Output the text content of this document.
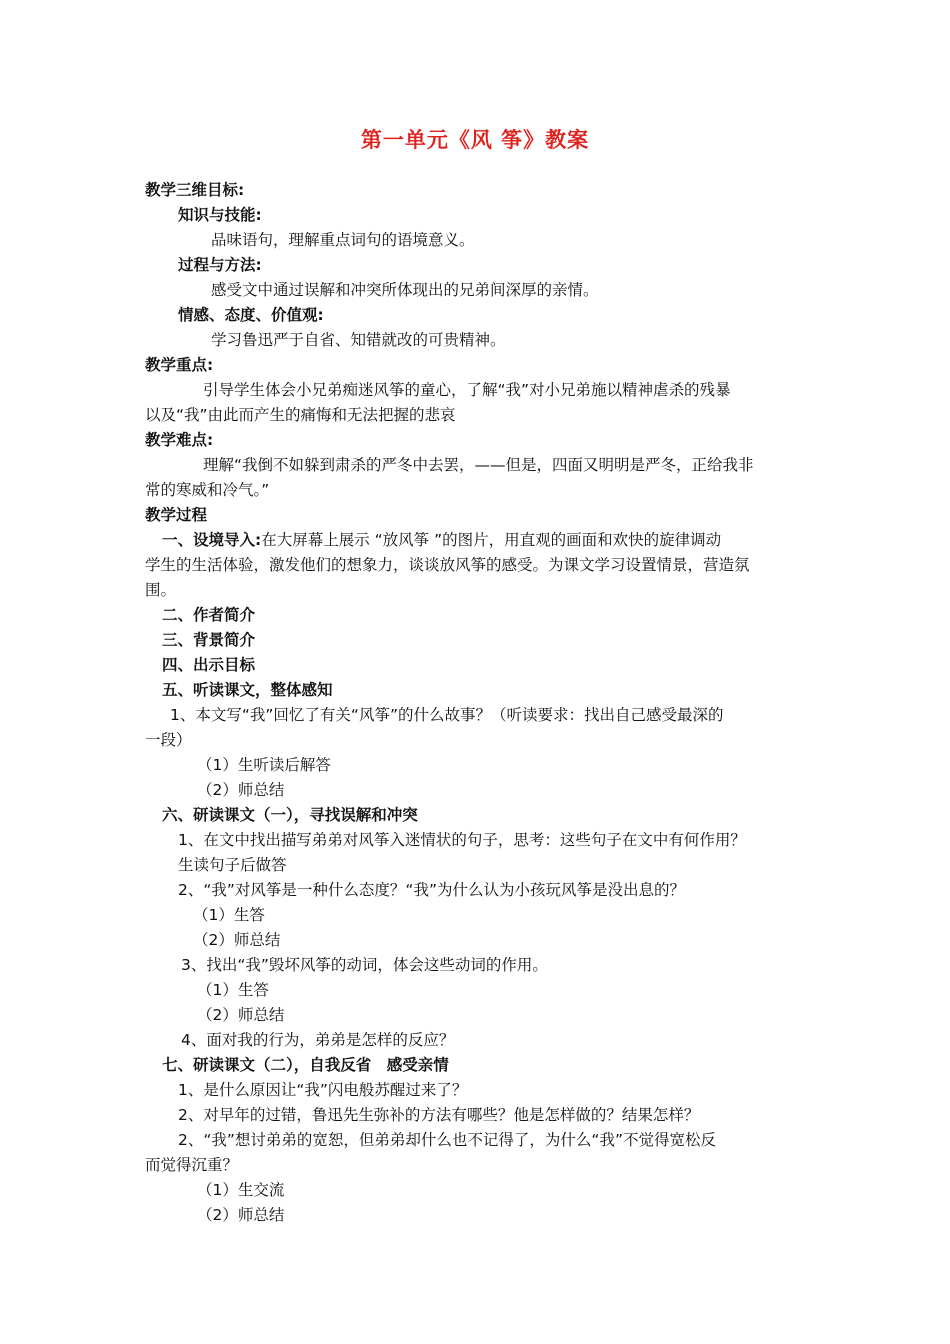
第一单元《风 筝》教案
教学三维目标:
知识与技能:
品味语句，理解重点词句的语境意义。
过程与方法:
感受文中通过误解和冲突所体现出的兄弟间深厚的亲情。
情感、态度、价值观:
学习鲁迅严于自省、知错就改的可贵精神。
教学重点:
引导学生体会小兄弟痴迷风筝的童心，了解“我”对小兄弟施以精神虐杀的残暴
以及“我”由此而产生的痛悔和无法把握的悲哀
教学难点:
理解“我倒不如躲到肃杀的严冬中去罢，——但是，四面又明明是严冬，正给我非
常的寒威和冷气。”
教学过程
一、设境导入:在大屏幕上展示 “放风筝 ”的图片，用直观的画面和欢快的旋律调动
学生的生活体验，激发他们的想象力，谈谈放风筝的感受。为课文学习设置情景，营造氛
围。
二、作者简介
三、背景简介
四、出示目标
五、听读课文，整体感知
1、本文写“我”回忆了有关“风筝”的什么故事？（听读要求：找出自己感受最深的
一段）
（1）生听读后解答
（2）师总结
六、研读课文（一），寻找误解和冲突
1、在文中找出描写弟弟对风筝入迷情状的句子，思考：这些句子在文中有何作用？
生读句子后做答
2、“我”对风筝是一种什么态度？“我”为什么认为小孩玩风筝是没出息的？
（1）生答
（2）师总结
3、找出“我”毁坏风筝的动词，体会这些动词的作用。
（1）生答
（2）师总结
4、面对我的行为，弟弟是怎样的反应？
七、研读课文（二），自我反省　感受亲情
1、是什么原因让“我”闪电般苏醒过来了？
2、对早年的过错，鲁迅先生弥补的方法有哪些？他是怎样做的？结果怎样？
2、“我”想讨弟弟的宽恕，但弟弟却什么也不记得了，为什么“我”不觉得宽松反
而觉得沉重？
（1）生交流
（2）师总结
